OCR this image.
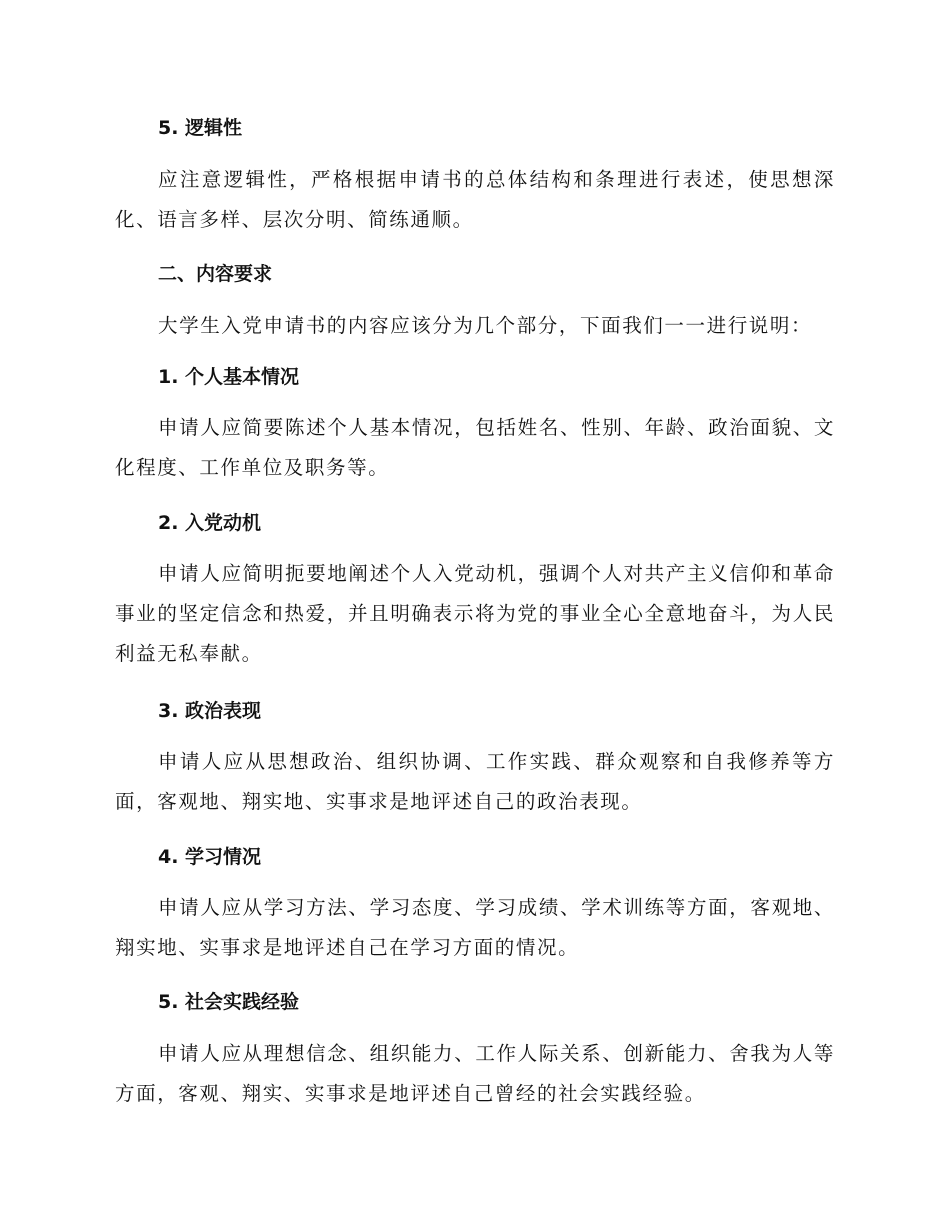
5. 逻辑性

应注意逻辑性，严格根据申请书的总体结构和条理进行表述，使思想深化、语言多样、层次分明、简练通顺。

二、内容要求

大学生入党申请书的内容应该分为几个部分，下面我们一一进行说明：

1. 个人基本情况

申请人应简要陈述个人基本情况，包括姓名、性别、年龄、政治面貌、文化程度、工作单位及职务等。

2. 入党动机

申请人应简明扼要地阐述个人入党动机，强调个人对共产主义信仰和革命事业的坚定信念和热爱，并且明确表示将为党的事业全心全意地奋斗，为人民利益无私奉献。

3. 政治表现

申请人应从思想政治、组织协调、工作实践、群众观察和自我修养等方面，客观地、翔实地、实事求是地评述自己的政治表现。

4. 学习情况

申请人应从学习方法、学习态度、学习成绩、学术训练等方面，客观地、翔实地、实事求是地评述自己在学习方面的情况。

5. 社会实践经验

申请人应从理想信念、组织能力、工作人际关系、创新能力、舍我为人等方面，客观、翔实、实事求是地评述自己曾经的社会实践经验。
